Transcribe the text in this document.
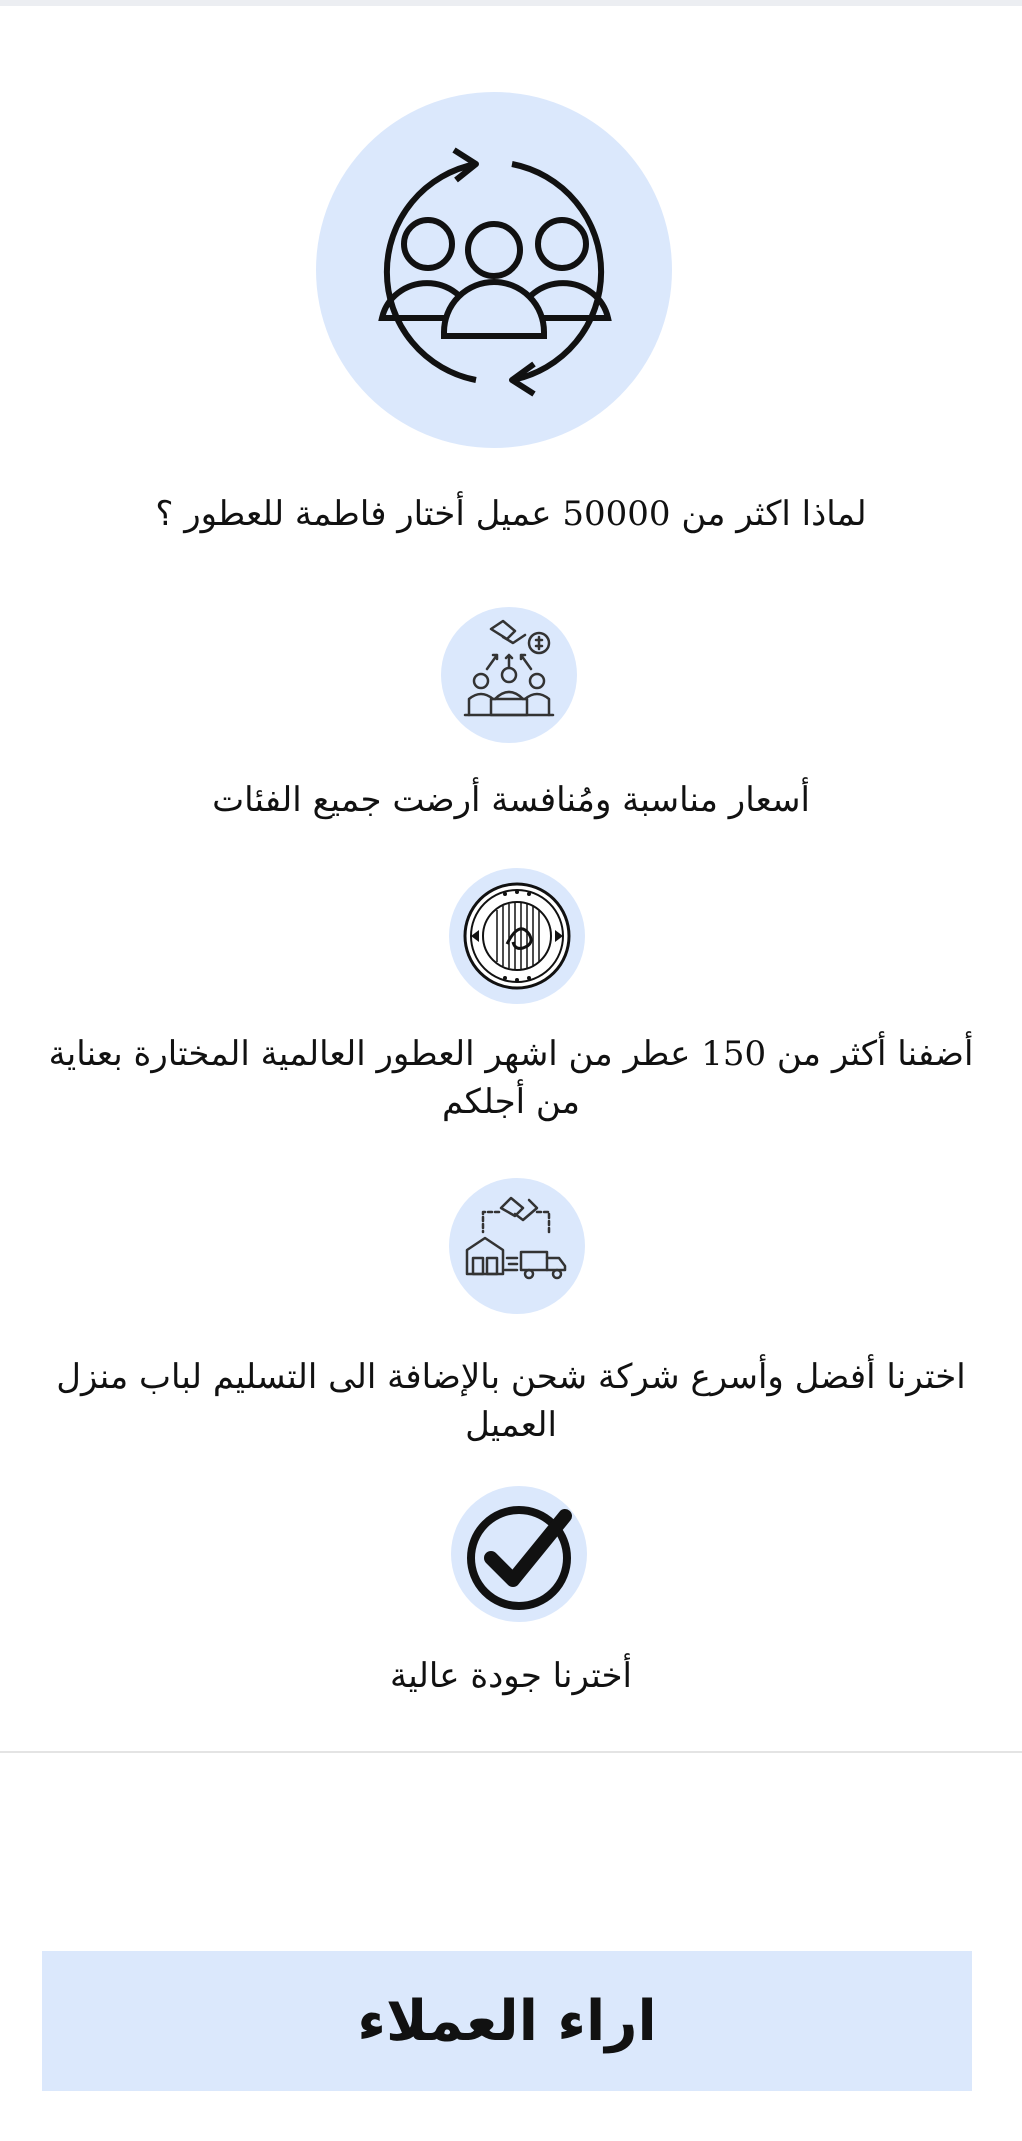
لماذا اكثر من 50000 عميل أختار فاطمة للعطور ؟
أسعار مناسبة ومُنافسة أرضت جميع الفئات
أضفنا أكثر من 150 عطر من اشهر العطور العالمية المختارة بعناية من أجلكم
اخترنا أفضل وأسرع شركة شحن بالإضافة الى التسليم لباب منزل العميل
أخترنا جودة عالية
اراء العملاء
